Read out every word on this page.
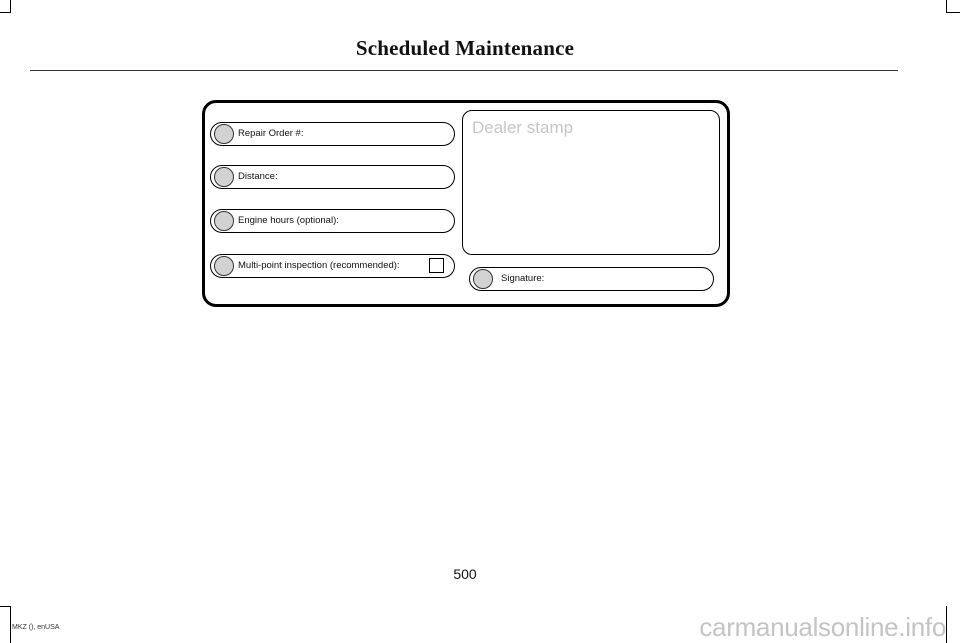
Scheduled Maintenance
Repair Order #:
Distance:
Engine hours (optional):
Multi-point inspection (recommended):
Dealer stamp
Signature:
500
MKZ (), enUSA	carmanualsonline.info
